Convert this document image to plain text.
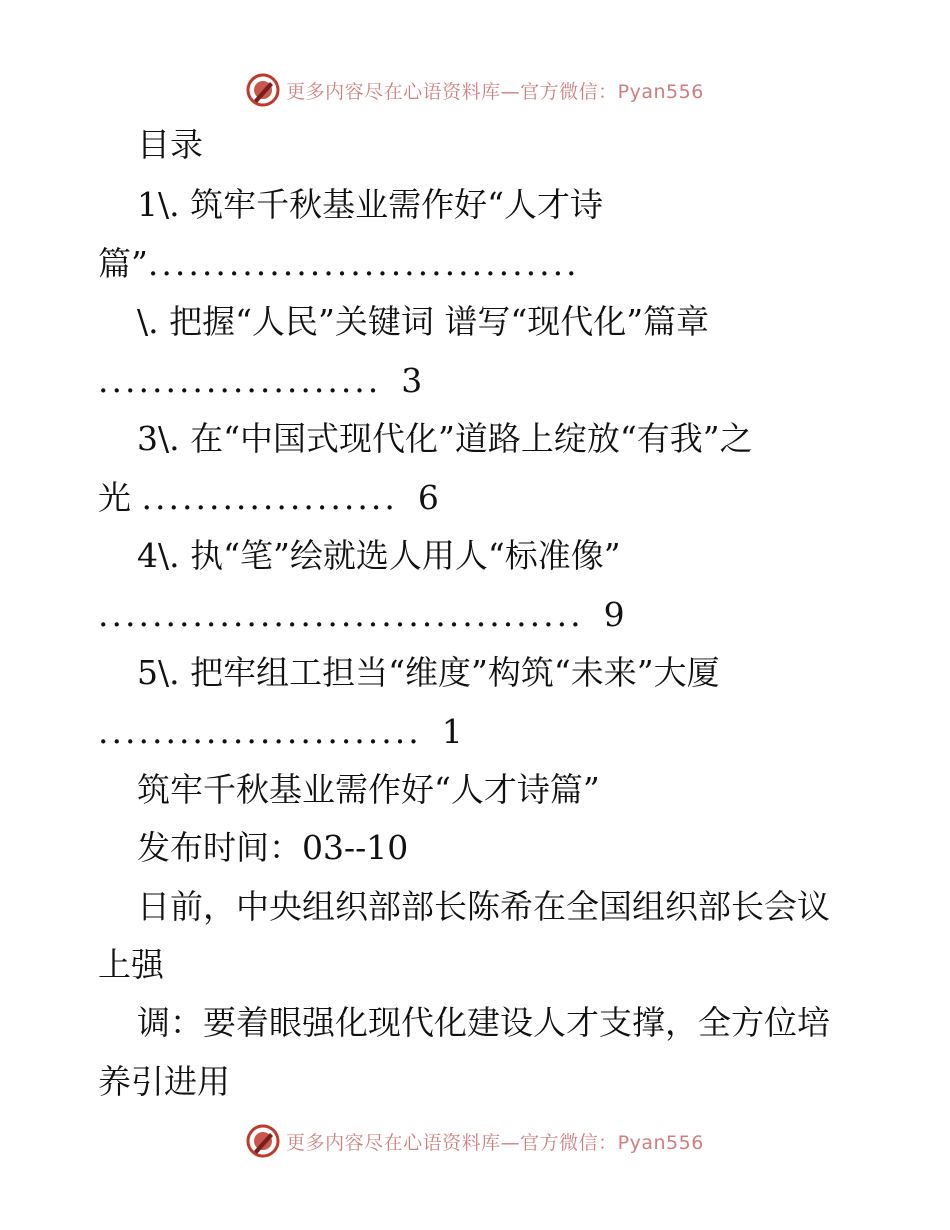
更多内容尽在心语资料库—官方微信：Pyan556
目录
1\. 筑牢千秋基业需作好“人才诗
篇”................................
\. 把握“人民”关键词 谱写“现代化”篇章
..................... 3
3\. 在“中国式现代化”道路上绽放“有我”之
光 ................... 6
4\. 执“笔”绘就选人用人“标准像”
.................................... 9
5\. 把牢组工担当“维度”构筑“未来”大厦
........................ 1
筑牢千秋基业需作好“人才诗篇”
发布时间：03--10
日前，中央组织部部长陈希在全国组织部长会议
上强
调：要着眼强化现代化建设人才支撑，全方位培
养引进用
更多内容尽在心语资料库—官方微信：Pyan556
